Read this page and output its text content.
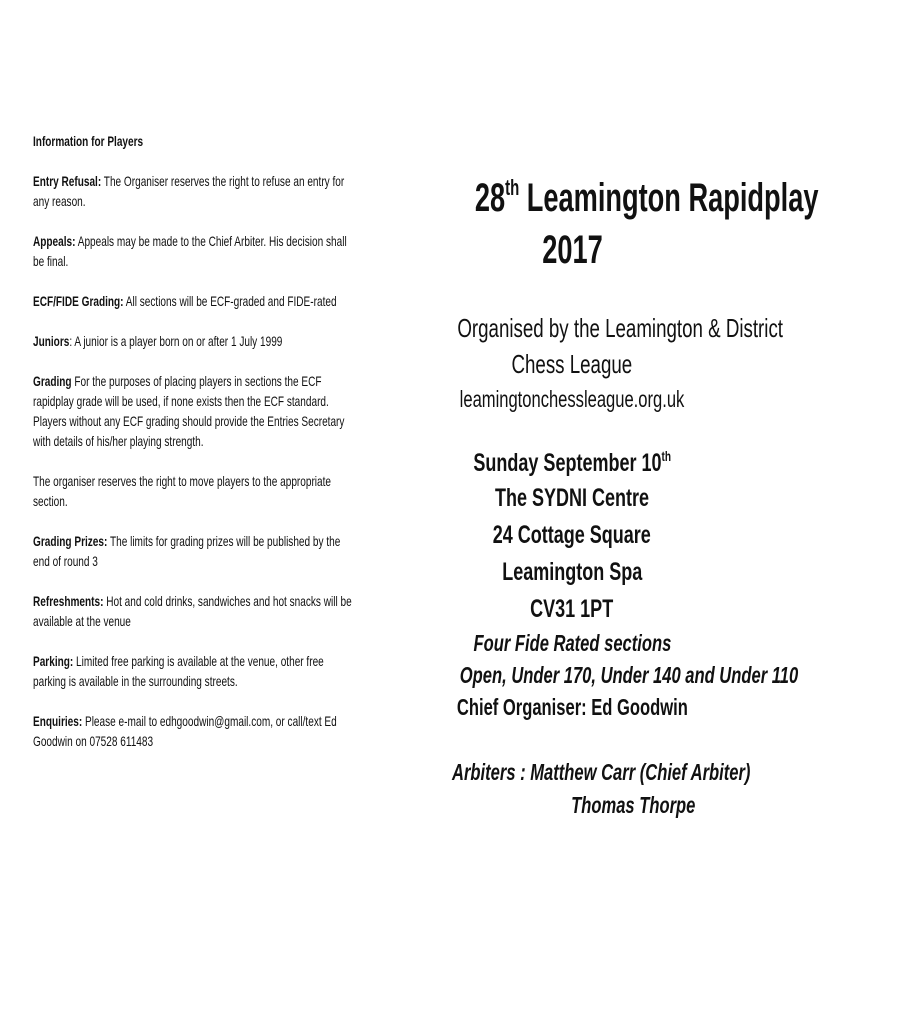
Information for Players
Entry Refusal: The Organiser reserves the right to refuse an entry for
any reason.
Appeals: Appeals may be made to the Chief Arbiter. His decision shall
be final.
ECF/FIDE Grading: All sections will be ECF-graded and FIDE-rated
Juniors: A junior is a player born on or after 1 July 1999
Grading For the purposes of placing players in sections the ECF
rapidplay grade will be used, if none exists then the ECF standard.
Players without any ECF grading should provide the Entries Secretary
with details of his/her playing strength.
The organiser reserves the right to move players to the appropriate
section.
Grading Prizes: The limits for grading prizes will be published by the
end of round 3
Refreshments: Hot and cold drinks, sandwiches and hot snacks will be
available at the venue
Parking: Limited free parking is available at the venue, other free
parking is available in the surrounding streets.
Enquiries: Please e-mail to edhgoodwin@gmail.com, or call/text Ed
Goodwin on 07528 611483
28th Leamington Rapidplay
2017
Organised by the Leamington & District
Chess League
leamingtonchessleague.org.uk
Sunday September 10th
The SYDNI Centre
24 Cottage Square
Leamington Spa
CV31 1PT
Four Fide Rated sections
Open, Under 170, Under 140 and Under 110
Chief Organiser: Ed Goodwin
Arbiters : Matthew Carr (Chief Arbiter)
Thomas Thorpe
